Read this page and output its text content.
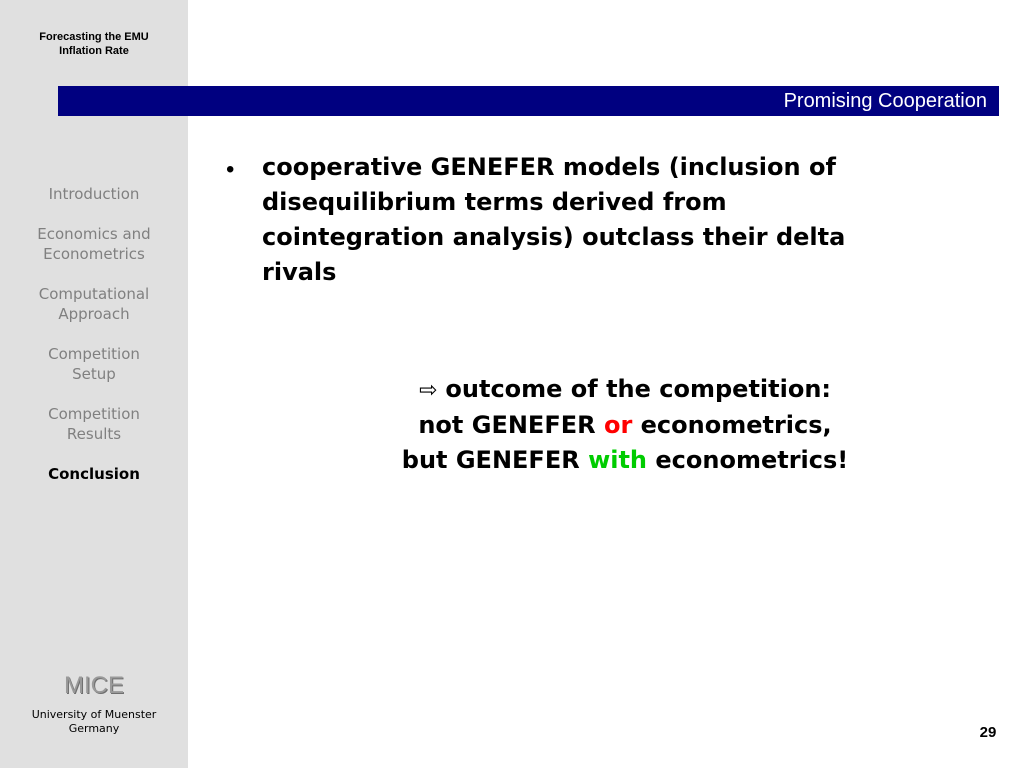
Forecasting the EMU
Inflation Rate
Introduction
Economics and
Econometrics
Computational
Approach
Competition
Setup
Competition
Results
Conclusion
MICE
University of Muenster
Germany
Promising Cooperation
• cooperative GENEFER models (inclusion of
disequilibrium terms derived from
cointegration analysis) outclass their delta
rivals
⇨ outcome of the competition:
not GENEFER or econometrics,
but GENEFER with econometrics!
29
